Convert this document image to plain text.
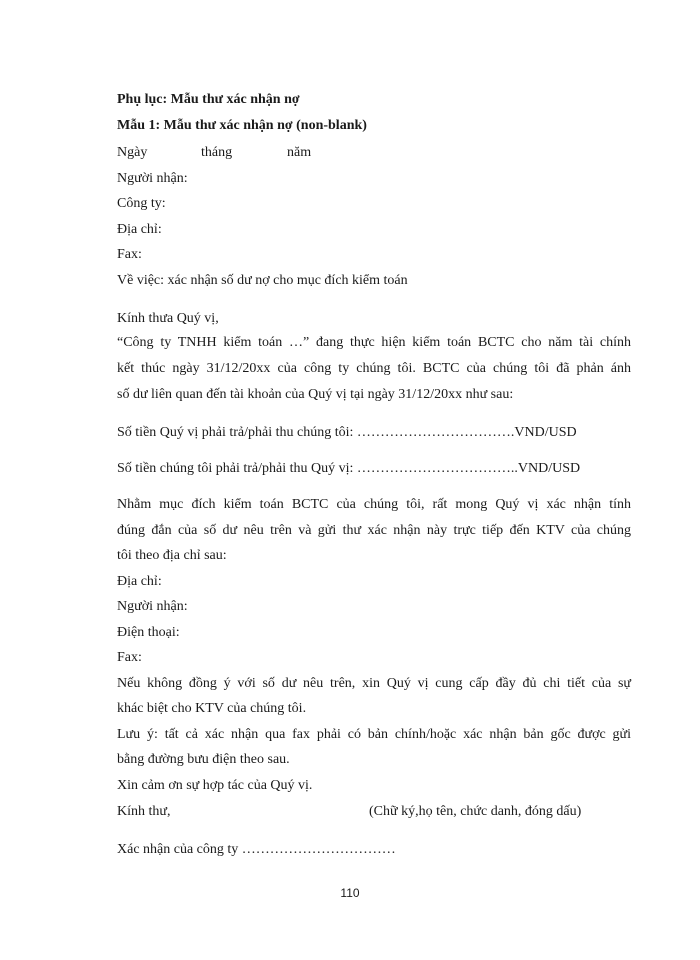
Phụ lục: Mẫu thư xác nhận nợ
Mẫu 1: Mẫu thư xác nhận nợ (non-blank)
Ngày	tháng	năm
Người nhận:
Công ty:
Địa chỉ:
Fax:
Về việc: xác nhận số dư nợ cho mục đích kiểm toán
Kính thưa Quý vị,
“Công ty TNHH kiểm toán …” đang thực hiện kiểm toán BCTC cho năm tài chính
kết thúc ngày 31/12/20xx của công ty chúng tôi. BCTC của chúng tôi đã phản ánh
số dư liên quan đến tài khoản của Quý vị tại ngày 31/12/20xx như sau:
Số tiền Quý vị phải trả/phải thu chúng tôi: …………………………….VND/USD
Số tiền chúng tôi phải trả/phải thu Quý vị: ……………………………..VND/USD
Nhằm mục đích kiểm toán BCTC của chúng tôi, rất mong Quý vị xác nhận tính
đúng đắn của số dư nêu trên và gửi thư xác nhận này trực tiếp đến KTV của chúng
tôi theo địa chỉ sau:
Địa chỉ:
Người nhận:
Điện thoại:
Fax:
Nếu không đồng ý với số dư nêu trên, xin Quý vị cung cấp đầy đủ chi tiết của sự
khác biệt cho KTV của chúng tôi.
Lưu ý: tất cả xác nhận qua fax phải có bản chính/hoặc xác nhận bản gốc được gửi
bằng đường bưu điện theo sau.
Xin cảm ơn sự hợp tác của Quý vị.
Kính thư,	(Chữ ký,họ tên, chức danh, đóng dấu)
Xác nhận của công ty ……………………………
110
